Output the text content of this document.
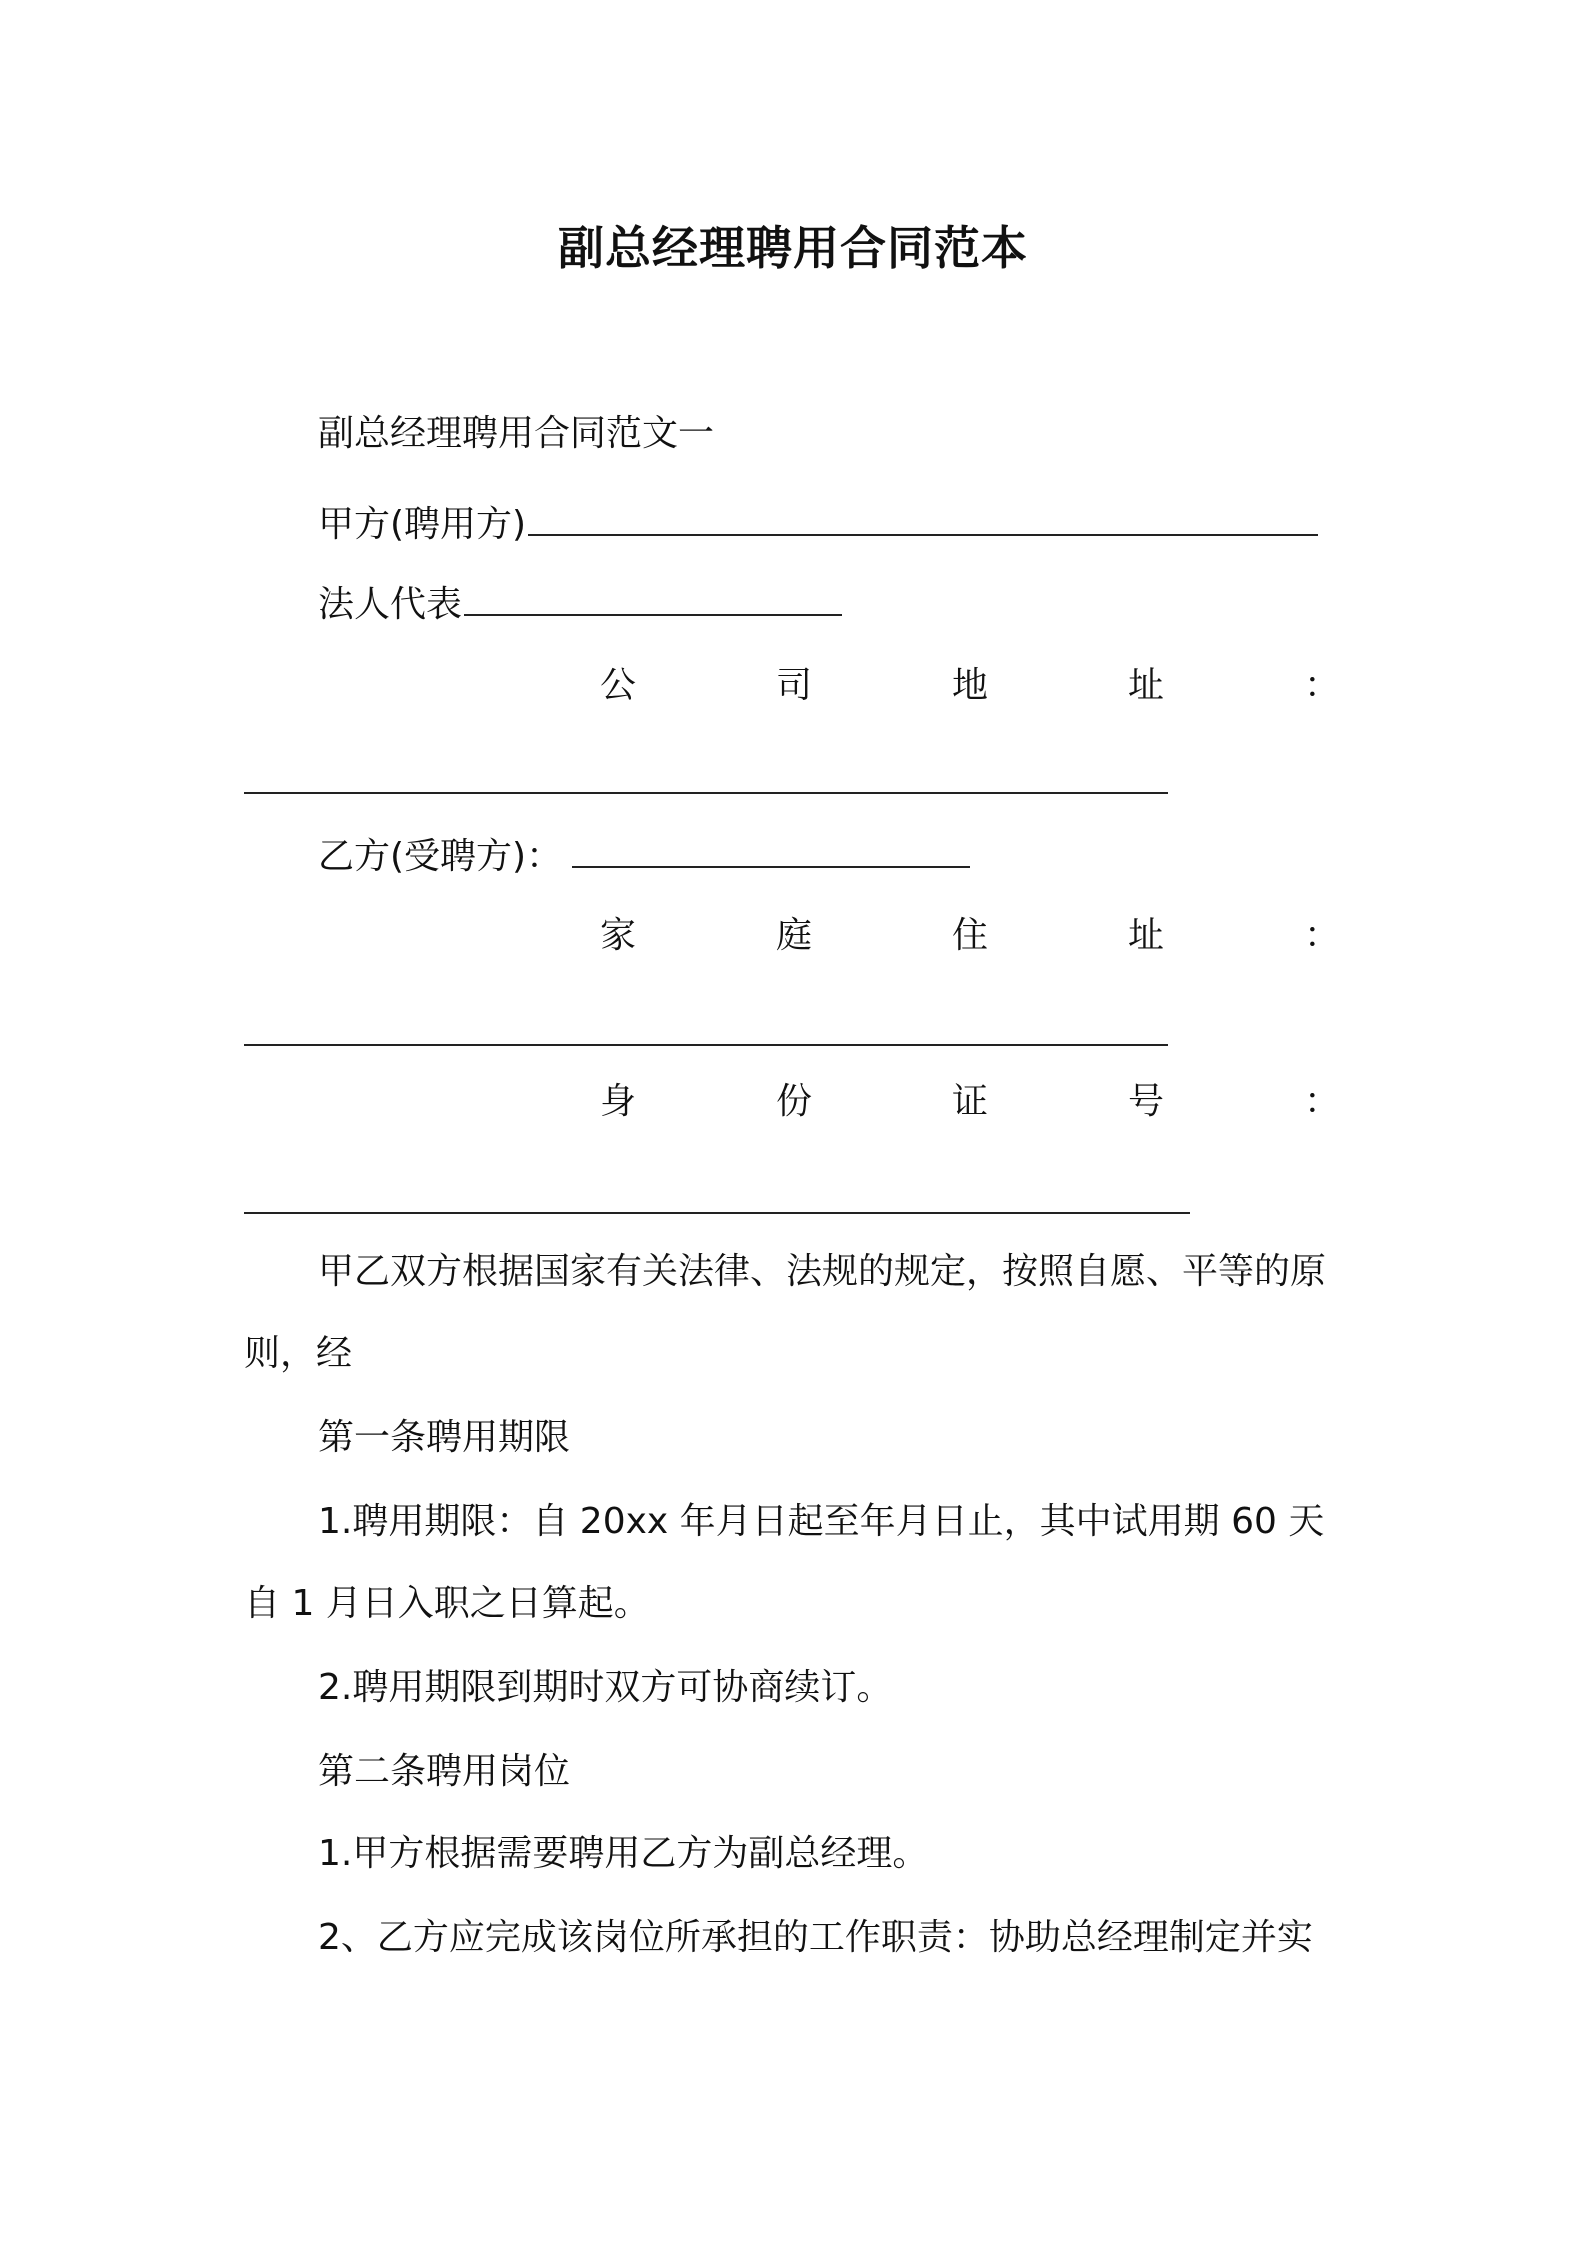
副总经理聘用合同范本

副总经理聘用合同范文一

甲方(聘用方)

法人代表

公	司	地	址	：

乙方(受聘方)：

家	庭	住	址	：
身	份	证	号	：

甲乙双方根据国家有关法律、法规的规定，按照自愿、平等的原

则，经

第一条聘用期限

1.聘用期限：自 20xx 年月日起至年月日止，其中试用期 60 天

自 1 月日入职之日算起。

2.聘用期限到期时双方可协商续订。

第二条聘用岗位

1.甲方根据需要聘用乙方为副总经理。

2、乙方应完成该岗位所承担的工作职责：协助总经理制定并实
